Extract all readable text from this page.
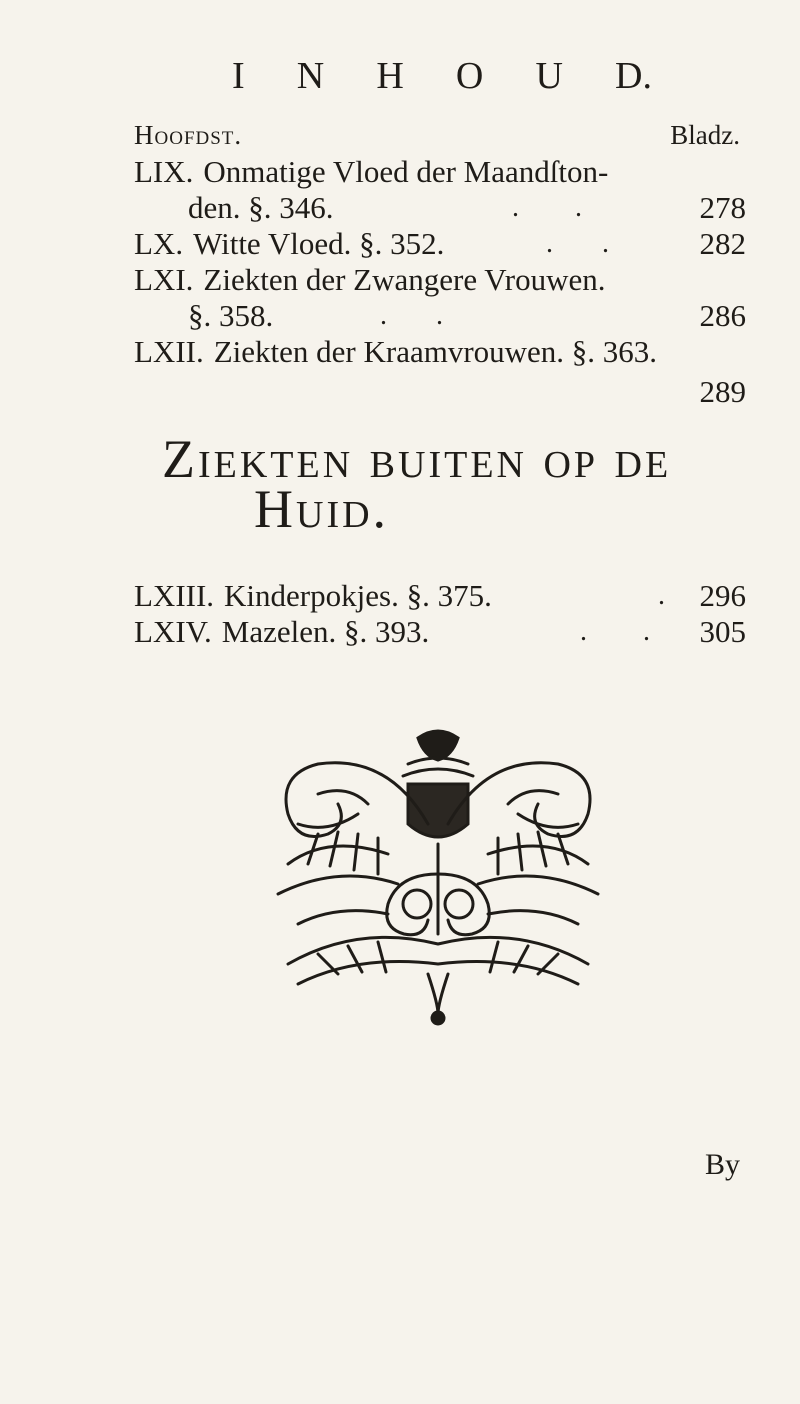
I N H O U D.
Hoofdst.	Bladz.
LIX. Onmatige Vloed der Maandſton-
den. §. 346.	.        .	278
LX. Witte Vloed. §. 352.	.       .	282
LXI. Ziekten der Zwangere Vrouwen.
§. 358.	.       .	286
LXII. Ziekten der Kraamvrouwen. §. 363.
289
Ziekten buiten op de
Huid.
LXIII. Kinderpokjes. §. 375.	. 296
LXIV. Mazelen. §. 393.	.        . 305
By
